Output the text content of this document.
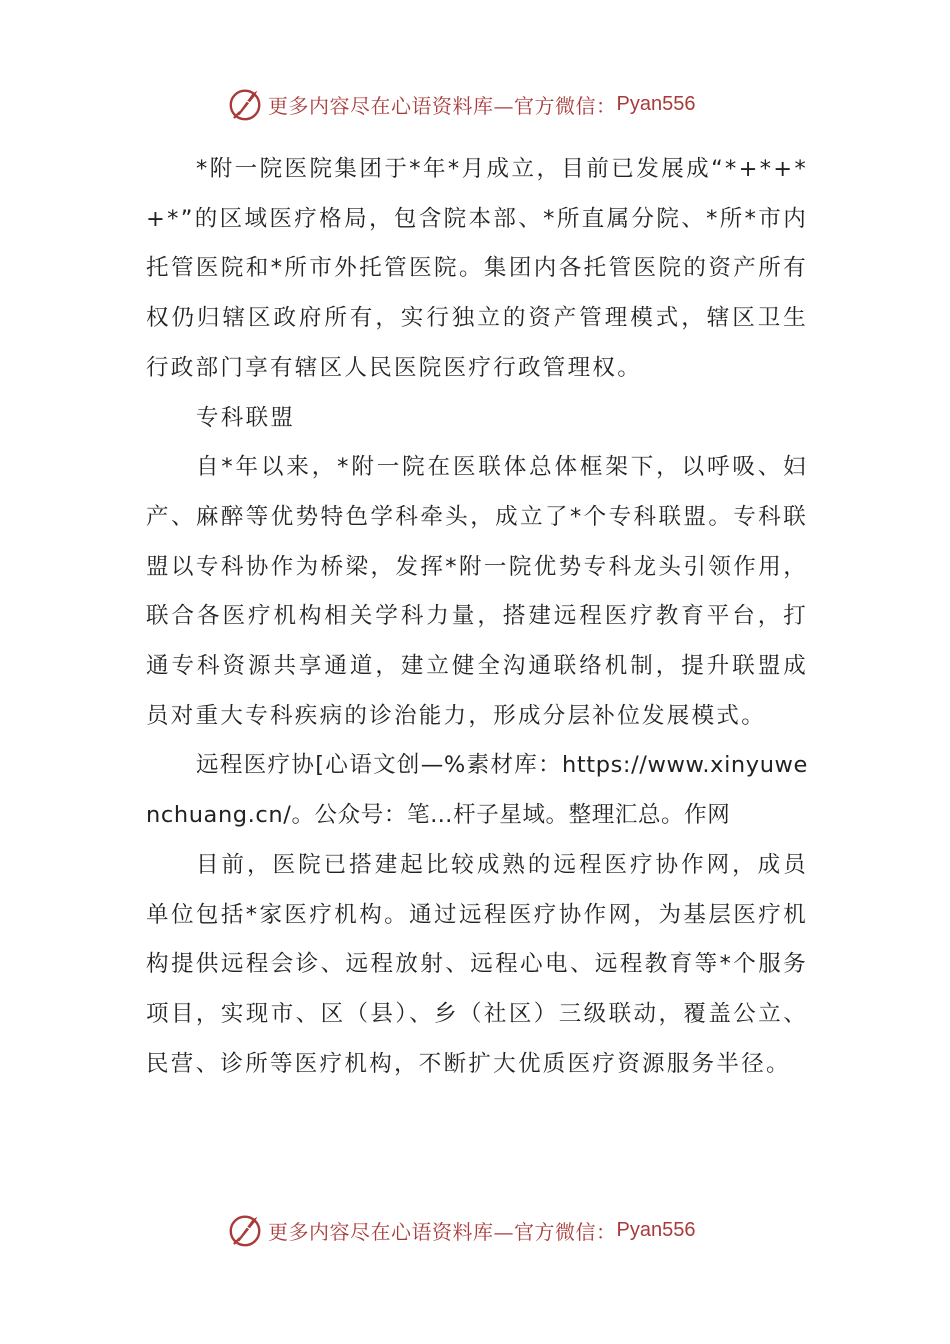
更多内容尽在心语资料库—官方微信： Pyan556

*附一院医院集团于*年*月成立，目前已发展成“*+*+*+*”的区域医疗格局，包含院本部、*所直属分院、*所*市内托管医院和*所市外托管医院。集团内各托管医院的资产所有权仍归辖区政府所有，实行独立的资产管理模式，辖区卫生行政部门享有辖区人民医院医疗行政管理权。

专科联盟

自*年以来，*附一院在医联体总体框架下，以呼吸、妇产、麻醉等优势特色学科牵头，成立了*个专科联盟。专科联盟以专科协作为桥梁，发挥*附一院优势专科龙头引领作用，联合各医疗机构相关学科力量，搭建远程医疗教育平台，打通专科资源共享通道，建立健全沟通联络机制，提升联盟成员对重大专科疾病的诊治能力，形成分层补位发展模式。

远程医疗协[心语文创—%素材库：https://www.xinyuwenchuang.cn/。公众号：笔…杆子星域。整理汇总。作网

目前，医院已搭建起比较成熟的远程医疗协作网，成员单位包括*家医疗机构。通过远程医疗协作网，为基层医疗机构提供远程会诊、远程放射、远程心电、远程教育等*个服务项目，实现市、区（县）、乡（社区）三级联动，覆盖公立、民营、诊所等医疗机构，不断扩大优质医疗资源服务半径。

更多内容尽在心语资料库—官方微信： Pyan556
